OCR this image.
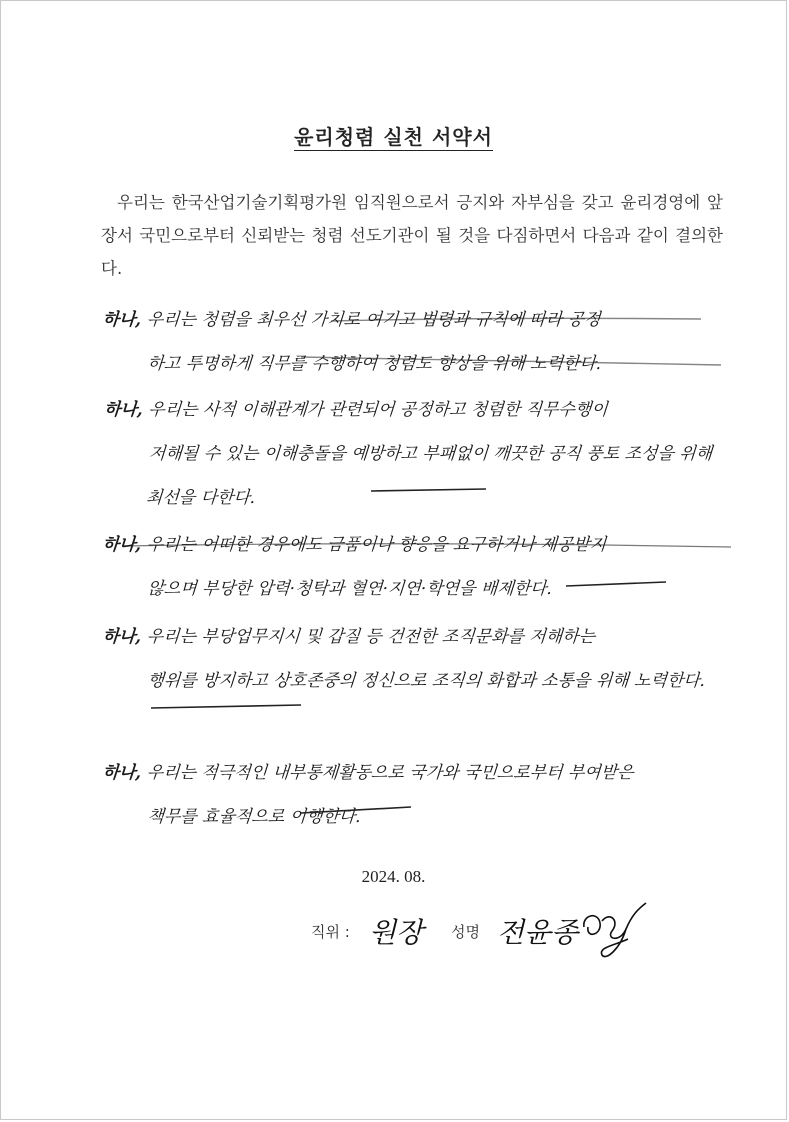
윤리청렴 실천 서약서
우리는 한국산업기술기획평가원 임직원으로서 긍지와 자부심을 갖고 윤리경영에 앞장서 국민으로부터 신뢰받는 청렴 선도기관이 될 것을 다짐하면서 다음과 같이 결의한다.
하나, 우리는 청렴을 최우선 가치로 여기고 법령과 규칙에 따라 공정
하고 투명하게 직무를 수행하여 청렴도 향상을 위해 노력한다.
하나, 우리는 사적 이해관계가 관련되어 공정하고 청렴한 직무수행이
저해될 수 있는 이해충돌을 예방하고 부패없이 깨끗한 공직 풍토 조성을 위해 최선을 다한다.
하나, 우리는 어떠한 경우에도 금품이나 향응을 요구하거나 제공받지
않으며 부당한 압력·청탁과 혈연·지연·학연을 배제한다.
하나, 우리는 부당업무지시 및 갑질 등 건전한 조직문화를 저해하는
행위를 방지하고 상호존중의 정신으로 조직의 화합과 소통을 위해 노력한다.
하나, 우리는 적극적인 내부통제활동으로 국가와 국민으로부터 부여받은
책무를 효율적으로 이행한다.
2024. 08.
직위 : 원장 성명 전윤종
